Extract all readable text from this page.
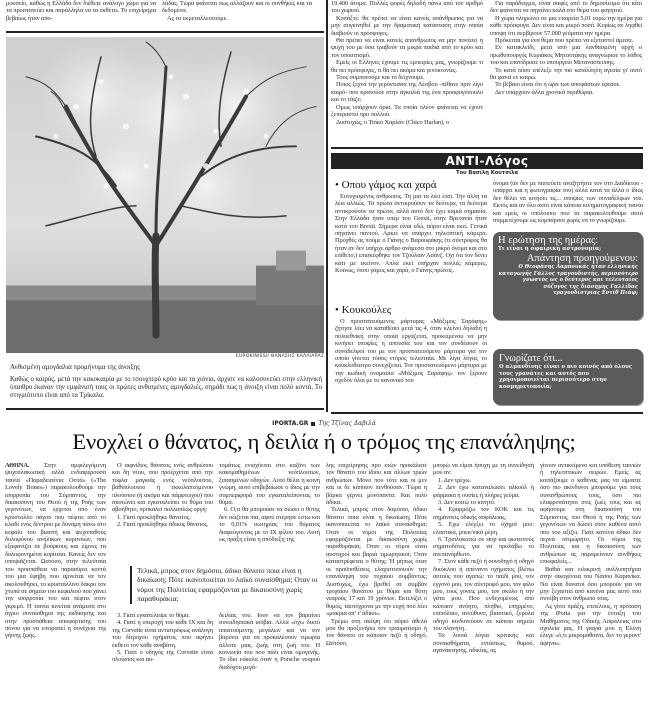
μουσείο, καθώς η Ελλάδα δεν διέθετε ανάλογο χώρο για να τα προστατεύει και παράλληλα να τα εκθέτει. Το επιχείρημα βεβαίως ήταν απο-

λάδας. Τώρα φαίνεται πως αλλάζουν και οι συνθήκες και τα δεδομένα.

Ας τα εκμεταλλευτούμε.

EUROKINISSI/ ΘΑΝΑΣΗΣ ΚΑΛΛΙΑΡΑΣ
Ανθισμένη αμυγδαλιά προμήνυμα της άνοιξης
Καθώς ο καιρός, μετά την κακοκαιρία με το τσουχτερό κρύο και τα χιόνια, άρχισε να καλοσυνεύει στην ελληνική ύπαιθρο έκαναν την εμφάνισή τους οι πρώτες ανθισμένες αμυγδαλιές, σημάδι πως η άνοιξη είναι πολύ κοντά. Το στιγμιότυπο είναι από τα Τρίκαλα.

19.400 άτομα. Πολλές φορές δηλαδή πάνω από τον αριθμό του χωριού.

Κοπάξτε: θα πρέπει να είναι κανείς απάνθρωπος για να μην συγκινηθεί με την δραματική κατάσταση στην οποία διαβιούν οι πρόσφυγες.

Θα πρέπει να είναι κανείς απάνθρωπος να μην πονέσει η ψυχή του με όσα τραβούν τα μικρά παιδιά από το κρύο και τον υποσιτισμό.

Εμείς οι Ελληνες έχουμε τις εμπειρίες μας, γνωρίζουμε τι θα πει πρόσφυγες, τι θα πει ακόμα και γενοκτονίες.

Τους συμπονούμε και το δείχνουμε.

Ποιος ξεχνά την γερόντισσα της Λέσβου -πέθανε πριν λίγο καιρό- που κρατούσε στην αγκαλιά της ένα προσφυγόπουλο και το τάιζε;

Ομως υπάρχουν όρια. Τα οποία πλέον φαίνεται να έχουν ξεπεραστεί προ πολλού.

Δυστυχώς, ο Τσίκο Χαρλάν (Chico Harlan), ο

Για παράδειγμα, είναι σαφές από το δημοσίευμα ότι κάτι δεν φαίνεται να πηγαίνει καλά στο θέμα του φαγητού.

Η χώρα πληρώνει σε μια εταιρεία 5,01 ευρώ την ημέρα για κάθε πρόσφυγα. Δεν είναι και μικρό ποσό. Κυρίως αν ληφθεί υπόψη ότι σερβίρουν 57.000 γεύματα την ημέρα.

Πρόκειται για ένα θέμα που πρέπει να εξεταστεί άμεσα.

Εν κατακλείδι, μετά από μια λανθασμένη αρχή ο πρωθυπουργός Κυριάκος Μητσοτάκης αναγνώρισε το λάθος του και επανίδρυσε το υπουργείο Μεταναστευσης.

Το κατά πόσο επέλεξε την πιο κατάλληλη αγεσία γι' αυτό θα φανεί εν καιρώ.

Το βέβαιο είναι ότι η ώρα των αποφάσεων έφτασε.

Δεν υπάρχουν άλλα χρονικά περιθώρια.

ΑΝΤΙ-Λόγος
Του Βασίλη Κουτσίλα
• Οπου γάμος και χαρά

Ευτυχισμένος άνθρωπος. Τη μια τα λέει έτσι. Την άλλη τα λέει αλλιώς. Τα πρώτα αντικρούουν τα δεύτερα, τα δεύτερα αντικρούουν τα πρώτα, αλλά αυτό δεν έχει καμιά σημασία. Στην Ελλάδα ήταν υπέρ του Grexit, στην Βρετανία ήταν κατά του Brexit. Σήμερα είναι εδώ, αύριο είναι εκεί. Γενικά πηγαίνει παντού. Αρκεί να υπάρχει τηλεοπτική κάμερα. Προχθές ας πούμε ο Γιάνης ο Βαρουφάκης (τι σύντροφος θα ήταν αν δεν υπήρχε άρθρο ανάμεσα στο μικρό όνομα και στο επίθετο;) επισκέφθηκε τον Τζούλιαν Ασάνζ. Οχι ότι τον δένει κάτι με εκείνον. Απλά εκεί υπήρχαν πολλές κάμερες. Κοινώς, όπου γάμος και χαρά, ο Γιάνης πρώτος.

• Κουκούλες

Ο προστατευόμενος μάρτυρας «Μάξιμος Σαράφης» ζήτησε λέει να καταθέσει μετά τις 4, όταν κλείνει δηλαδή η πολυεθνική στην οποία εργάζεται, προκειμένου να μην κινήσει υποψίες η απουσία του και τον συνδέσουν οι συνάδελφοί του με τον προστατευόμενο μάρτυρα για τον οποίο γίνεται τόσος ντόρος τελευταία. Με λίγα λόγια, το κουκλοθέατρο συνεχίζεται. Τον προστατευόμενο μάρτυρα με την κωδική ονομασία «Μάξιμος Σαράφης» τον ξέρουν σχεδόν όλοι με το κανονικό του

όνομα (αν δεν με πιστεύετε αναζητήστε τον στο Διαδίκτυο - υπάρχει και η φωτογραφία του) αλλά κατά τα άλλα ο ίδιος δεν θέλει να κινήσει τις... υποψίες των συναδέλφων του. Εκτός και αν όλο αυτό είναι κάποια κινηματογραφική ταινία και εμείς οι υπόλοιποι που τα παρακολουθούμε αυτά συμμετέχουμε ως κομπάρσοι χωρίς να το γνωρίζουμε.

Η ερώτηση της ημέρας:
Τι είναι η σφαιρική αστρονομία;
Απάντηση προηγούμενου:
Ο Θεοφάνης Λαμπουκάς ήταν ελληνικής καταγωγής Γάλλος τραγουδιστής, περισσότερο γνωστός ως ο δεύτερος και τελευταίος σύζυγος της διάσημης Γαλλίδας τραγουδίστριας Εντίθ Πιάφ;
Γνωρίζατε ότι...
Ο αλμανδίνης είναι ο πιο κοινός από όλους τους γρανάτες και αυτός που χρησιμοποιείται περισσότερο στην κοσμηματοποιία;
IPORTA.GR Της Τζίνας Δαβιλά
Ενοχλεί ο θάνατος, η δειλία ή ο τρόμος της επανάληψης;

ΑΘΗΝΑ. Στην αμφιλεγόμενη ψυχοπλακωτική αλλά ενδιαφέρουσα ταινία «Παραδεισένια Οστά» («The Lovely Bones») παρακολουθούμε την ισορροπία του Σύμπαντος, την δικαιοσύνη του Θεού ή της Ροής των γεγονότων, να έρχεται από έναν κρύσταλλο πάγου που πέφτει από το κλαδί ενός δέντρου με δύναμη πάνω στο κεφάλι του βιαστή και ψυχοπαθούς δολοφόνου ανήλικων κοριτσιών, που εξαφανίζει σε βούρκους και λίμνες τα δολοφονημένα κορίτσια. Κανείς δεν τον υποψιάζεται. Ωστόσο, στην τελευταία του προσπάθεια να παρασύρει κοντά του μια έφηβη που αρνείται να τον ακολουθήσει, το κρυστάλλινο δάκρυ τον χτυπά σε σημείο του κεφαλιού που χάνει την ισορροπία του και πέφτει στον γκρεμό. Η ταινία κινείται ανάμεσα στο άγριο συναίσθημα της εκδίκησης και στην προσπάθεια αποφόρτισης του πόνου για να επιτραπεί η συνέχεια της γήινης ζωής.

Ο αιφνίδιος θάνατος ενός ανθρώπου και δη νέου, που προέρχεται από την τύφλα μαγκιάς ενός νεόπλουτου, βαθύπλουτου ή εκκολαπτόμενου πλούσιου (ή ακόμα και πάμφτωχου) που σκοτώνει και εγκαταλείπει το θύμα του αβοήθητο, προκαλεί πολλαπλώς οργή:

1. Γιατί προκλήθηκε θάνατος.

2. Γιατί προκλήθηκε άδικος θάνατος.

Τελικά, μπρος στον δημόσιο, άδικο θάνατο ποια είναι η δικαίωση; Πότε ικανοποιείται το λαϊκό συναίσθημα; Οταν οι νόμοι της Πολιτείας εφαρμόζονται με δικαιοσύνη χωρίς παραθυράκια;

3. Γιατί εγκατέλειψε το θύμα.

4. Γιατί η υπεροχή του κάθε IX και δη της Corvette είναι αντιστρόφως ανάλογη του δίτροχου οχήματος που αφήνει έκθετο τον κάθε αναβάτη.

5. Γιατί ο οδηγός της Corvette είναι πλούσιος και αυ-

τομάτως ενισχύεται στο καζάνι των κακομαθημένων νεόπλουτων, ξιπασμένων οδηγών. Αυτό θέλει η κοινή γνώμη, αυτό επιβεβαίωσε ο ίδιος με την συμπεριφορά του εγκαταλείποντας το θύμα.

6. Ο,τι θα μπορούσε να σώσει ο θύτης δεν σώζεται πια, αφού στέρησε έστω και το 0,01% σωτηρίας του θύματος διαφεύγοντας με το IX φίλου του. Αυτή ως πράξη είναι η απόδειξη της

δειλίας του. Ιουν να τον βαραίνει συνειδησιακά ισόβια. Αλλά «όχι» δικτύ απαιτούμενης μεγάλων και να τον βαρύνει για να προκαλέσουν τιμωρία άλλοτε μιας ζωής στη ζωή του. Η κοινωνία του που πάλι είναι ομογενής. Το ίδιο εύκολα όταν η Porsche νεαρού διαδόχου μεγά-

λης επιχείρησης προ ετών προκάλεσε τον θάνατο του ίδιου και άλλων τριών ανθρώπων. Μόνο που τότε και οι μεν και οι δε κάποιον πενθούσαν. Τώρα η βάρκα γέρνει μονόπαντα. Και πολύ άδικα.

Τελικά, μπρος στον δαμόσιο, άδικο θάνατο ποια είναι η δικαίωση; Πότε ικανοποιείται το λαϊκό συναίσθημα; Οταν οι νόμοι της Πολιτείας εφαρμόζονται με δικαιοσύνη χωρίς παραθυράκια; Οταν οι νόμοι είναι αυστηροί και βαριά τιμωρητικοί; Οταν καταστρέφεται ο θύτης; Ή μήπως όταν οι προϋποθέσεις ελαχιστοποιούν την επανάληψη του τυχαίου συμβάντος; Δυστυχώς, έχω βρεθεί σε συμβάν τροχαίου θανάτου με θύμα και θύτη νεαρούς 17 και 19 χρόνων. Εκτελίζει ο θυμός, ταυτόχρονα με την ευχή που λέει «μακριά απ' τ' άδικο».

Τρέμω στη σκέψη ότι αύριο άθελά μου θα προξενήσω τον τραυματισμό ή τον θάνατο σε κάποιον πεζό ή οδηγό. Ωστόσο,

μπορώ να είμαι ήσυχη με τη συνείδησή μου αν:

1. Δεν τρέχω.

2. Δεν έχω καταναλώσει αλκοόλ ή φάρμακα ή ουσίες ή πλήρες γεύμα.

3. Δεν κοιτώ το κινητό.

4. Εφαρμόζω τον ΚΟΚ και τις σημάνσεις οδικής ασφάλειας.

5. Εχω ελέγξει το όχημά μου: ελαστικά, μπεκ/νικά μέρη.

6. Τριπλοκοιτώ σε stop και φωτεινούς σηματοδότες για να προλάβω το ανεπανόρθωτο.

7. Στον κάθε πεζό ή συνοδηγό ή οδηγό δικύκλου ή απέναντι οχήματος βλέπω αυτούς που αγαπώ: το παιδί μου, τον εγγονό μου, τον σύντροφό μου, τον φίλο μου, τους γονείς μου, τον σκύλο ή την γάτα μου. Που ενδεχομένως από κάποιον ανόητο, πλήθιο, επηρμένο, επιπόλαιο, ανεύθυνο, βιαστικό, ξερόλα οδηγό κινδυνεύουν σε κάποιο σημείο του πλανήτη.

Τα λοιπά λόγια κριτικής και συναισθήματα, εντάσεως, θυμού, αγανάκτησης, αδικίας, ας

γίνουν αντικείμενο και υπόθεση ταινιών ή τηλεοπτικών σειρών. Εμείς ας κοιτάξουμε ο καθένας μας να είμαστε όσο πιο ακίνδυνοι μπορούμε για τους συνανθρώπους τους, όσο πιο ελαφροπάτητοι στις ζωές τους και ας αφήσουμε στη δικαιοσύνη του Σύμπαντος, του Θεού ή της Ροής των γεγονότων να δώσει στον καθένα αυτό που του αξίζει. Γιατί κανένα άδικο δεν περνά ατιμώρητο. Οι νόμοι της Πολιτείας και η δικαιοσύνη των ανθρώπων ας παραμείνουν συνθήκες επιοφαλείς...

Βαθιά και ειλικρινή συλλυπητήρια στην οικογένεια του Νάσου Καρανίκα. Να είναι δυνατοί όσο μπορούν για να μην ξεχαστεί από κανένα μας αυτό που συνέβη στον άνθρωπό τους.

Ας γίνει πράξη, επιτέλους, η πρόταση της iPorta για την ένταξη του Μαθήματος της Οδικής Ασφάλειας στα σχολεία μας. Η γιαγιά μου η Ελένη έλεγε «ό,τι μικρομάθαινα, δεν το γεροντ' άφηνα».
